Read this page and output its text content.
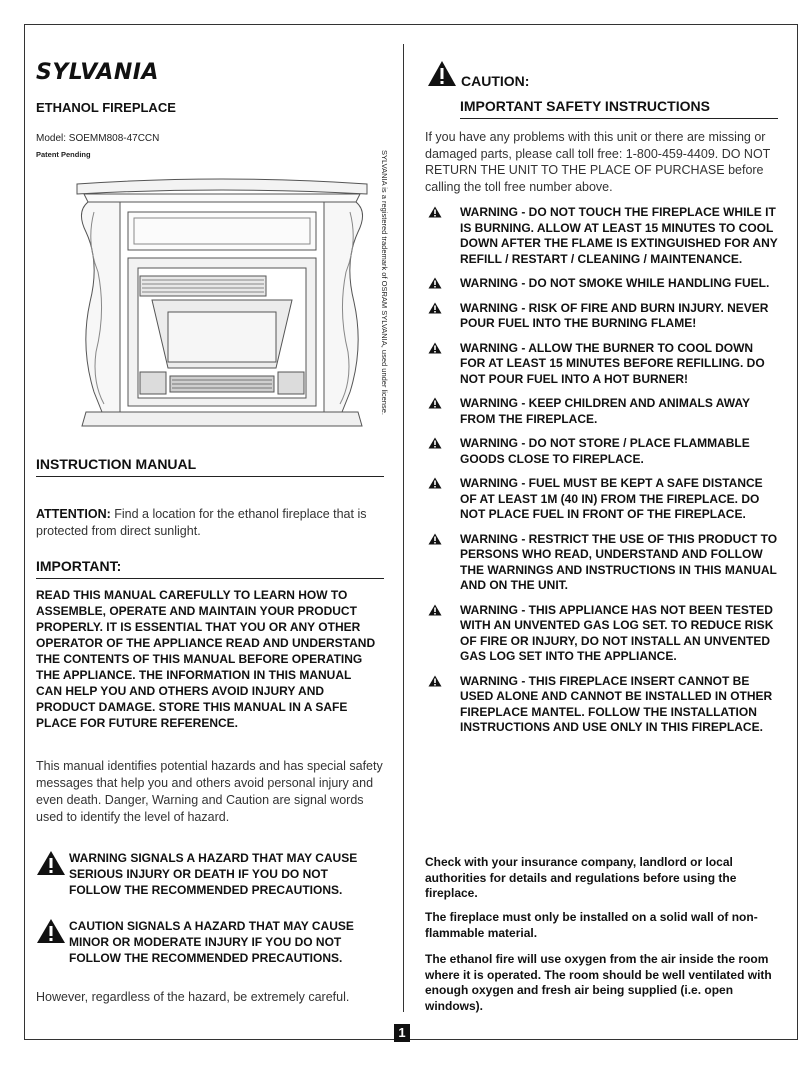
SYLVANIA
ETHANOL FIREPLACE
Model: SOEMM808-47CCN
Patent Pending	SYLVANIA is a registered trademark of OSRAM SYLVANIA, used under license.
INSTRUCTION MANUAL
ATTENTION: Find a location for the ethanol fireplace that is protected from direct sunlight.
IMPORTANT:
READ THIS MANUAL CAREFULLY TO LEARN HOW TO ASSEMBLE, OPERATE AND MAINTAIN YOUR PRODUCT PROPERLY. IT IS ESSENTIAL THAT YOU OR ANY OTHER OPERATOR OF THE APPLIANCE READ AND UNDERSTAND THE CONTENTS OF THIS MANUAL BEFORE OPERATING THE APPLIANCE. THE INFORMATION IN THIS MANUAL CAN HELP YOU AND OTHERS AVOID INJURY AND PRODUCT DAMAGE. STORE THIS MANUAL IN A SAFE PLACE FOR FUTURE REFERENCE.
This manual identifies potential hazards and has special safety messages that help you and others avoid personal injury and even death. Danger, Warning and Caution are signal words used to identify the level of hazard.
WARNING SIGNALS A HAZARD THAT MAY CAUSE
SERIOUS INJURY OR DEATH IF YOU DO NOT
FOLLOW THE RECOMMENDED PRECAUTIONS.
CAUTION SIGNALS A HAZARD THAT MAY CAUSE
MINOR OR MODERATE INJURY IF YOU DO NOT
FOLLOW THE RECOMMENDED PRECAUTIONS.
However, regardless of the hazard, be extremely careful.
CAUTION:
IMPORTANT SAFETY INSTRUCTIONS
If you have any problems with this unit or there are missing or damaged parts, please call toll free: 1-800-459-4409. DO NOT RETURN THE UNIT TO THE PLACE OF PURCHASE before calling the toll free number above.
WARNING - DO NOT TOUCH THE FIREPLACE WHILE IT IS BURNING. ALLOW AT LEAST 15 MINUTES TO COOL DOWN AFTER THE FLAME IS EXTINGUISHED FOR ANY REFILL / RESTART / CLEANING / MAINTENANCE.
WARNING - DO NOT SMOKE WHILE HANDLING FUEL.
WARNING - RISK OF FIRE AND BURN INJURY. NEVER POUR FUEL INTO THE BURNING FLAME!
WARNING - ALLOW THE BURNER TO COOL DOWN FOR AT LEAST 15 MINUTES BEFORE REFILLING. DO NOT POUR FUEL INTO A HOT BURNER!
WARNING - KEEP CHILDREN AND ANIMALS AWAY FROM THE FIREPLACE.
WARNING - DO NOT STORE / PLACE FLAMMABLE GOODS CLOSE TO FIREPLACE.
WARNING - FUEL MUST BE KEPT A SAFE DISTANCE OF AT LEAST 1M (40 IN) FROM THE FIREPLACE. DO NOT PLACE FUEL IN FRONT OF THE FIREPLACE.
WARNING - RESTRICT THE USE OF THIS PRODUCT TO PERSONS WHO READ, UNDERSTAND AND FOLLOW THE WARNINGS AND INSTRUCTIONS IN THIS MANUAL AND ON THE UNIT.
WARNING - THIS APPLIANCE HAS NOT BEEN TESTED WITH AN UNVENTED GAS LOG SET. TO REDUCE RISK OF FIRE OR INJURY, DO NOT INSTALL AN UNVENTED GAS LOG SET INTO THE APPLIANCE.
WARNING - THIS FIREPLACE INSERT CANNOT BE USED ALONE AND CANNOT BE INSTALLED IN OTHER FIREPLACE MANTEL. FOLLOW THE INSTALLATION INSTRUCTIONS AND USE ONLY IN THIS FIREPLACE.
Check with your insurance company, landlord or local authorities for details and regulations before using the fireplace.
The fireplace must only be installed on a solid wall of non-flammable material.
The ethanol fire will use oxygen from the air inside the room where it is operated. The room should be well ventilated with enough oxygen and fresh air being supplied (i.e. open windows).
1
